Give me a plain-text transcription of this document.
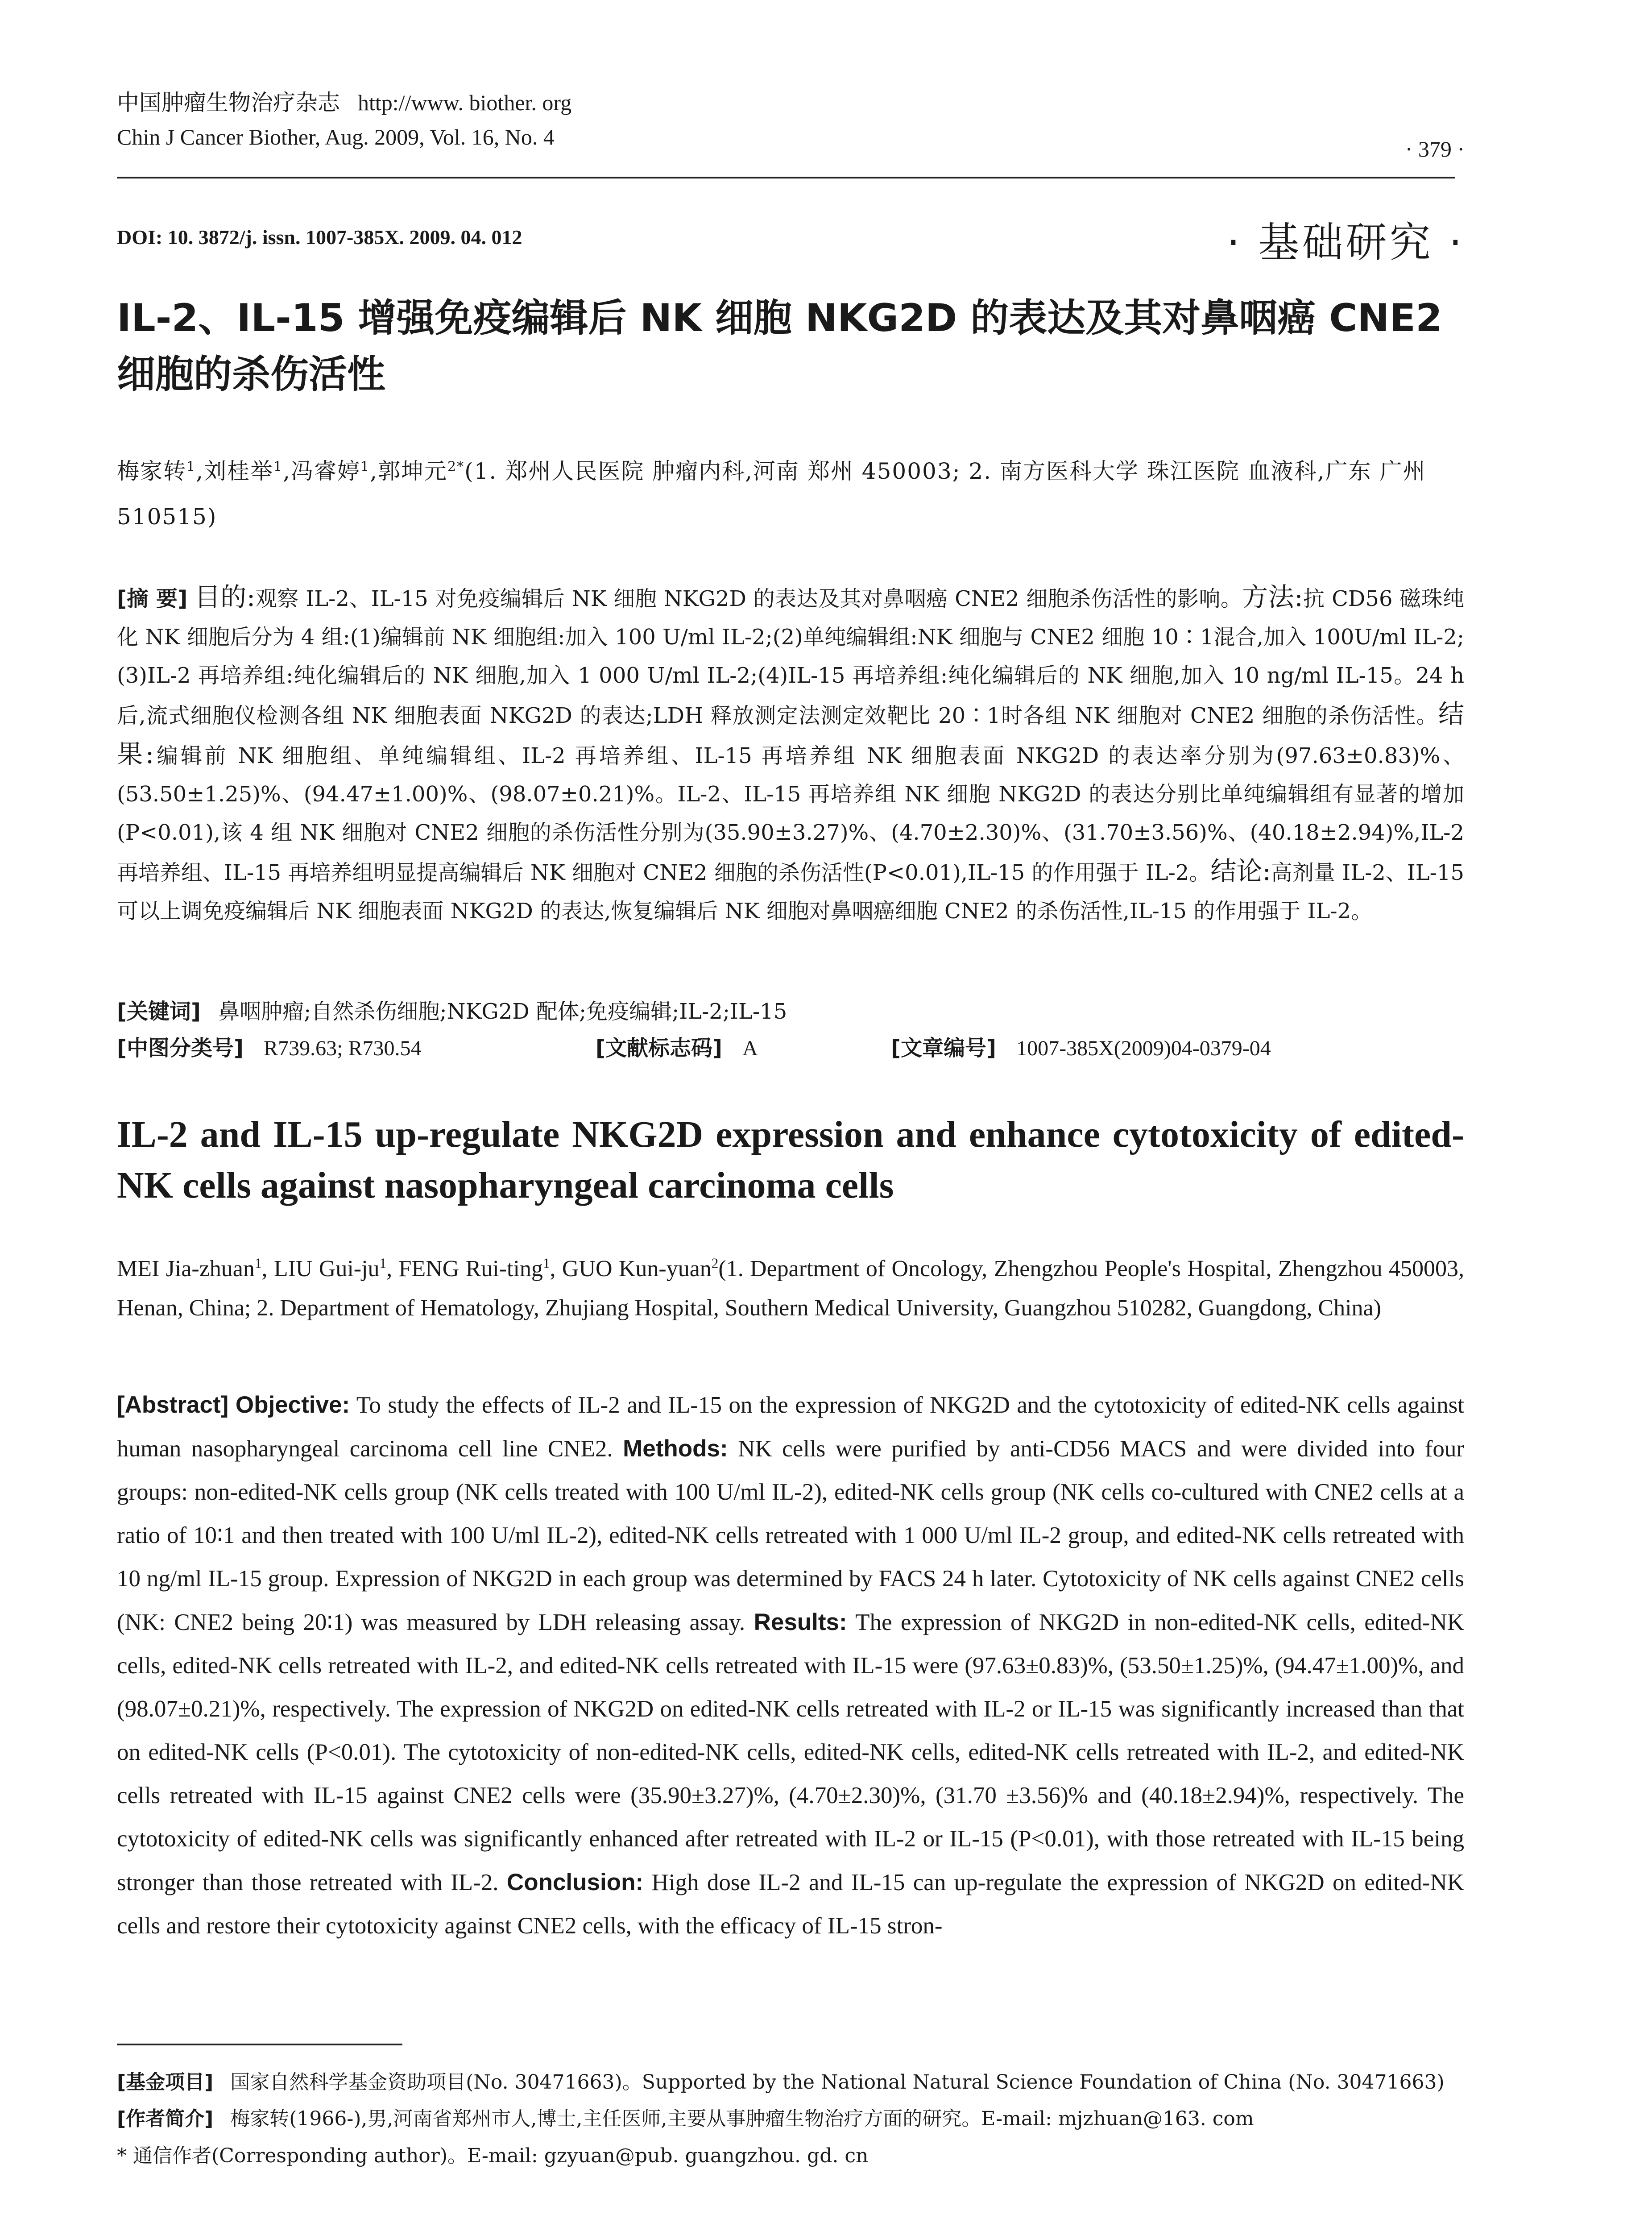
中国肿瘤生物治疗杂志 http://www. biother. org
Chin J Cancer Biother, Aug. 2009, Vol. 16, No. 4	· 379 ·
DOI: 10. 3872/j. issn. 1007-385X. 2009. 04. 012	· 基础研究 ·
IL-2、IL-15 增强免疫编辑后 NK 细胞 NKG2D 的表达及其对鼻咽癌 CNE2 细胞的杀伤活性
梅家转$^1$,刘桂举$^1$,冯睿婷$^1$,郭坤元$^{2*}$(1. 郑州人民医院 肿瘤内科,河南 郑州 450003; 2. 南方医科大学 珠江医院 血液科,广东 广州 510515)
[摘 要] 目的:观察 IL-2、IL-15 对免疫编辑后 NK 细胞 NKG2D 的表达及其对鼻咽癌 CNE2 细胞杀伤活性的影响。方法:抗 CD56 磁珠纯化 NK 细胞后分为 4 组:(1)编辑前 NK 细胞组:加入 100 U/ml IL-2;(2)单纯编辑组:NK 细胞与 CNE2 细胞 10∶1混合,加入 100U/ml IL-2;(3)IL-2 再培养组:纯化编辑后的 NK 细胞,加入 1 000 U/ml IL-2;(4)IL-15 再培养组:纯化编辑后的 NK 细胞,加入 10 ng/ml IL-15。24 h 后,流式细胞仪检测各组 NK 细胞表面 NKG2D 的表达;LDH 释放测定法测定效靶比 20∶1时各组 NK 细胞对 CNE2 细胞的杀伤活性。结果:编辑前 NK 细胞组、单纯编辑组、IL-2 再培养组、IL-15 再培养组 NK 细胞表面 NKG2D 的表达率分别为(97.63±0.83)%、(53.50±1.25)%、(94.47±1.00)%、(98.07±0.21)%。IL-2、IL-15 再培养组 NK 细胞 NKG2D 的表达分别比单纯编辑组有显著的增加(P<0.01),该 4 组 NK 细胞对 CNE2 细胞的杀伤活性分别为(35.90±3.27)%、(4.70±2.30)%、(31.70±3.56)%、(40.18±2.94)%,IL-2 再培养组、IL-15 再培养组明显提高编辑后 NK 细胞对 CNE2 细胞的杀伤活性(P<0.01),IL-15 的作用强于 IL-2。结论:高剂量 IL-2、IL-15 可以上调免疫编辑后 NK 细胞表面 NKG2D 的表达,恢复编辑后 NK 细胞对鼻咽癌细胞 CNE2 的杀伤活性,IL-15 的作用强于 IL-2。
[关键词] 鼻咽肿瘤;自然杀伤细胞;NKG2D 配体;免疫编辑;IL-2;IL-15
[中图分类号] R739.63; R730.54	[文献标志码] A	[文章编号] 1007-385X(2009)04-0379-04
IL-2 and IL-15 up-regulate NKG2D expression and enhance cytotoxicity of edited-NK cells against nasopharyngeal carcinoma cells
MEI Jia-zhuan$^1$, LIU Gui-$ju^1$, FENG Rui-ting$^1$, GUO Kun-yuan$^2$(1. Department of Oncology, Zhengzhou People's Hospital, Zhengzhou 450003, Henan, China; 2. Department of Hematology, Zhujiang Hospital, Southern Medical University, Guangzhou 510282, Guangdong, China)
[Abstract] Objective: To study the effects of IL-2 and IL-15 on the expression of NKG2D and the cytotoxicity of edited-NK cells against human nasopharyngeal carcinoma cell line CNE2. Methods: NK cells were purified by anti-CD56 MACS and were divided into four groups: non-edited-NK cells group (NK cells treated with 100 U/ml IL-2), edited-NK cells group (NK cells co-cultured with CNE2 cells at a ratio of 10∶1 and then treated with 100 U/ml IL-2), edited-NK cells retreated with 1 000 U/ml IL-2 group, and edited-NK cells retreated with 10 ng/ml IL-15 group. Expression of NKG2D in each group was determined by FACS 24 h later. Cytotoxicity of NK cells against CNE2 cells (NK: CNE2 being 20∶1) was measured by LDH releasing assay. Results: The expression of NKG2D in non-edited-NK cells, edited-NK cells, edited-NK cells retreated with IL-2, and edited-NK cells retreated with IL-15 were (97.63±0.83)%, (53.50±1.25)%, (94.47±1.00)%, and (98.07±0.21)%, respectively. The expression of NKG2D on edited-NK cells retreated with IL-2 or IL-15 was significantly increased than that on edited-NK cells (P<0.01). The cytotoxicity of non-edited-NK cells, edited-NK cells, edited-NK cells retreated with IL-2, and edited-NK cells retreated with IL-15 against CNE2 cells were (35.90±3.27)%, (4.70±2.30)%, (31.70 ±3.56)% and (40.18±2.94)%, respectively. The cytotoxicity of edited-NK cells was significantly enhanced after retreated with IL-2 or IL-15 (P<0.01), with those retreated with IL-15 being stronger than those retreated with IL-2. Conclusion: High dose IL-2 and IL-15 can up-regulate the expression of NKG2D on edited-NK cells and restore their cytotoxicity against CNE2 cells, with the efficacy of IL-15 stron-
[基金项目] 国家自然科学基金资助项目(No. 30471663)。Supported by the National Natural Science Foundation of China (No. 30471663)
[作者简介] 梅家转(1966-),男,河南省郑州市人,博士,主任医师,主要从事肿瘤生物治疗方面的研究。E-mail: mjzhuan@163. com
* 通信作者(Corresponding author)。E-mail: gzyuan@pub. guangzhou. gd. cn
